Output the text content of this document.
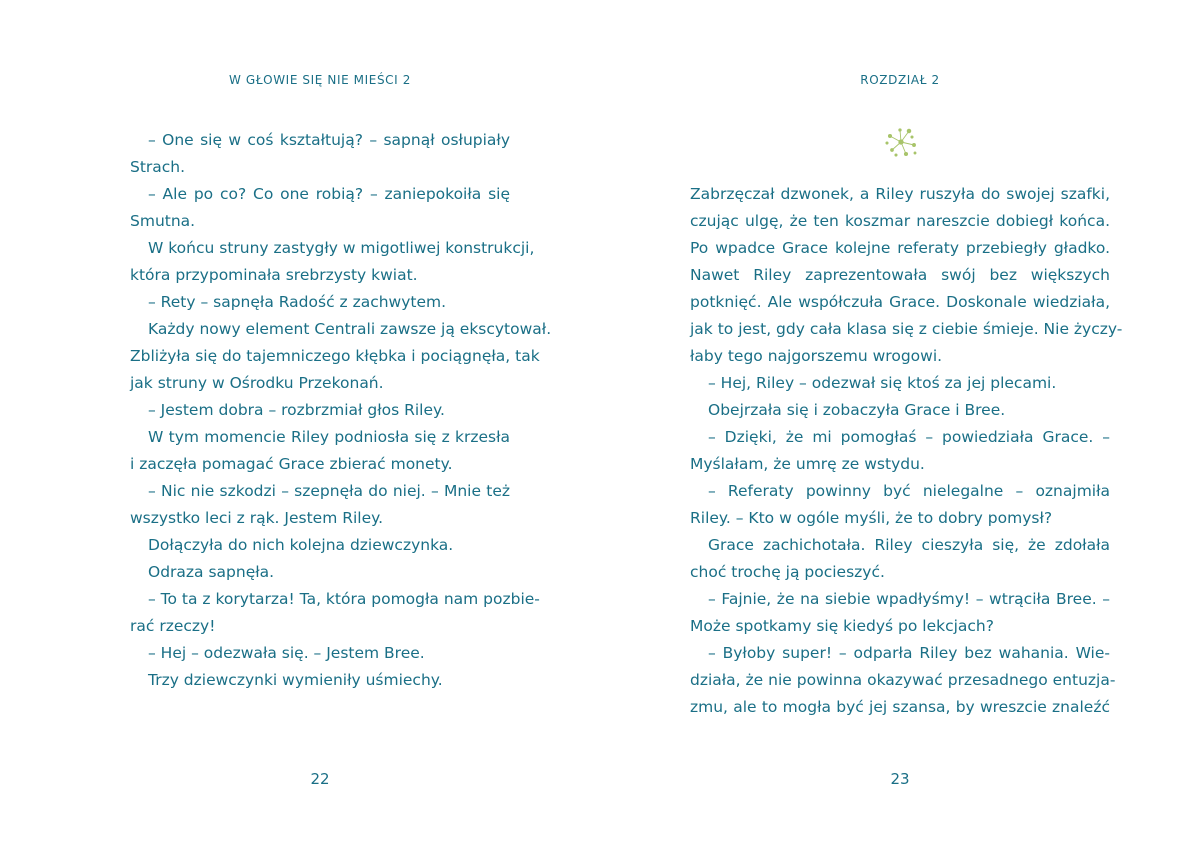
W GŁOWIE SIĘ NIE MIEŚCI 2
– One się w coś kształtują? – sapnął osłupiały
Strach.
– Ale po co? Co one robią? – zaniepokoiła się
Smutna.
W końcu struny zastygły w migotliwej konstrukcji,
która przypominała srebrzysty kwiat.
– Rety – sapnęła Radość z zachwytem.
Każdy nowy element Centrali zawsze ją ekscytował.
Zbliżyła się do tajemniczego kłębka i pociągnęła, tak
jak struny w Ośrodku Przekonań.
– Jestem dobra – rozbrzmiał głos Riley.
W tym momencie Riley podniosła się z krzesła
i zaczęła pomagać Grace zbierać monety.
– Nic nie szkodzi – szepnęła do niej. – Mnie też
wszystko leci z rąk. Jestem Riley.
Dołączyła do nich kolejna dziewczynka.
Odraza sapnęła.
– To ta z korytarza! Ta, która pomogła nam pozbie-
rać rzeczy!
– Hej – odezwała się. – Jestem Bree.
Trzy dziewczynki wymieniły uśmiechy.
22
ROZDZIAŁ 2
Zabrzęczał dzwonek, a Riley ruszyła do swojej szafki,
czując ulgę, że ten koszmar nareszcie dobiegł końca.
Po wpadce Grace kolejne referaty przebiegły gładko.
Nawet Riley zaprezentowała swój bez większych
potknięć. Ale współczuła Grace. Doskonale wiedziała,
jak to jest, gdy cała klasa się z ciebie śmieje. Nie życzy-
łaby tego najgorszemu wrogowi.
– Hej, Riley – odezwał się ktoś za jej plecami.
Obejrzała się i zobaczyła Grace i Bree.
– Dzięki, że mi pomogłaś – powiedziała Grace. –
Myślałam, że umrę ze wstydu.
– Referaty powinny być nielegalne – oznajmiła
Riley. – Kto w ogóle myśli, że to dobry pomysł?
Grace zachichotała. Riley cieszyła się, że zdołała
choć trochę ją pocieszyć.
– Fajnie, że na siebie wpadłyśmy! – wtrąciła Bree. –
Może spotkamy się kiedyś po lekcjach?
– Byłoby super! – odparła Riley bez wahania. Wie-
działa, że nie powinna okazywać przesadnego entuzja-
zmu, ale to mogła być jej szansa, by wreszcie znaleźć
23
